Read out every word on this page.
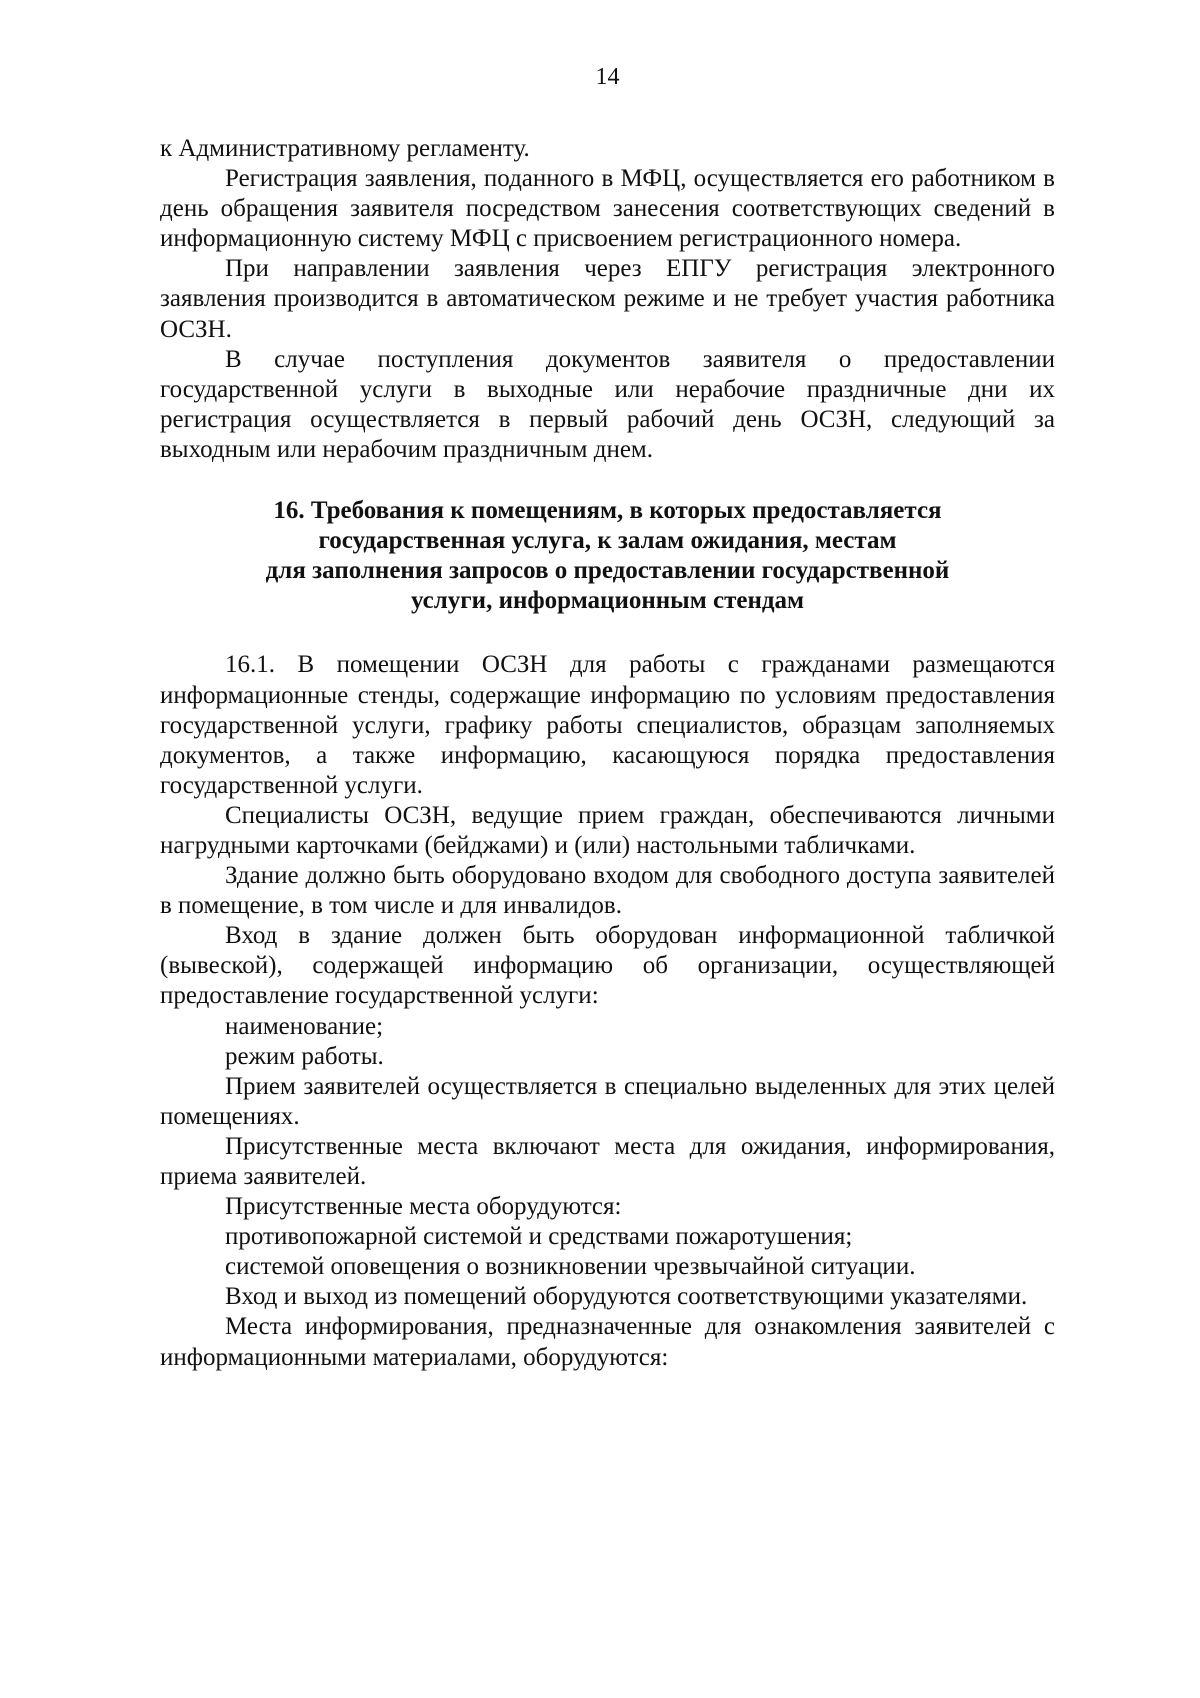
14

к Административному регламенту.

Регистрация заявления, поданного в МФЦ, осуществляется его работником в день обращения заявителя посредством занесения соответствующих сведений в информационную систему МФЦ с присвоением регистрационного номера.

При направлении заявления через ЕПГУ регистрация электронного заявления производится в автоматическом режиме и не требует участия работника ОСЗН.

В случае поступления документов заявителя о предоставлении государственной услуги в выходные или нерабочие праздничные дни их регистрация осуществляется в первый рабочий день ОСЗН, следующий за выходным или нерабочим праздничным днем.

16. Требования к помещениям, в которых предоставляется
государственная услуга, к залам ожидания, местам
для заполнения запросов о предоставлении государственной
услуги, информационным стендам

16.1. В помещении ОСЗН для работы с гражданами размещаются информационные стенды, содержащие информацию по условиям предоставления государственной услуги, графику работы специалистов, образцам заполняемых документов, а также информацию, касающуюся порядка предоставления государственной услуги.

Специалисты ОСЗН, ведущие прием граждан, обеспечиваются личными нагрудными карточками (бейджами) и (или) настольными табличками.

Здание должно быть оборудовано входом для свободного доступа заявителей в помещение, в том числе и для инвалидов.

Вход в здание должен быть оборудован информационной табличкой (вывеской), содержащей информацию об организации, осуществляющей предоставление государственной услуги:

наименование;

режим работы.

Прием заявителей осуществляется в специально выделенных для этих целей помещениях.

Присутственные места включают места для ожидания, информирования, приема заявителей.

Присутственные места оборудуются:

противопожарной системой и средствами пожаротушения;

системой оповещения о возникновении чрезвычайной ситуации.

Вход и выход из помещений оборудуются соответствующими указателями.

Места информирования, предназначенные для ознакомления заявителей с информационными материалами, оборудуются:
